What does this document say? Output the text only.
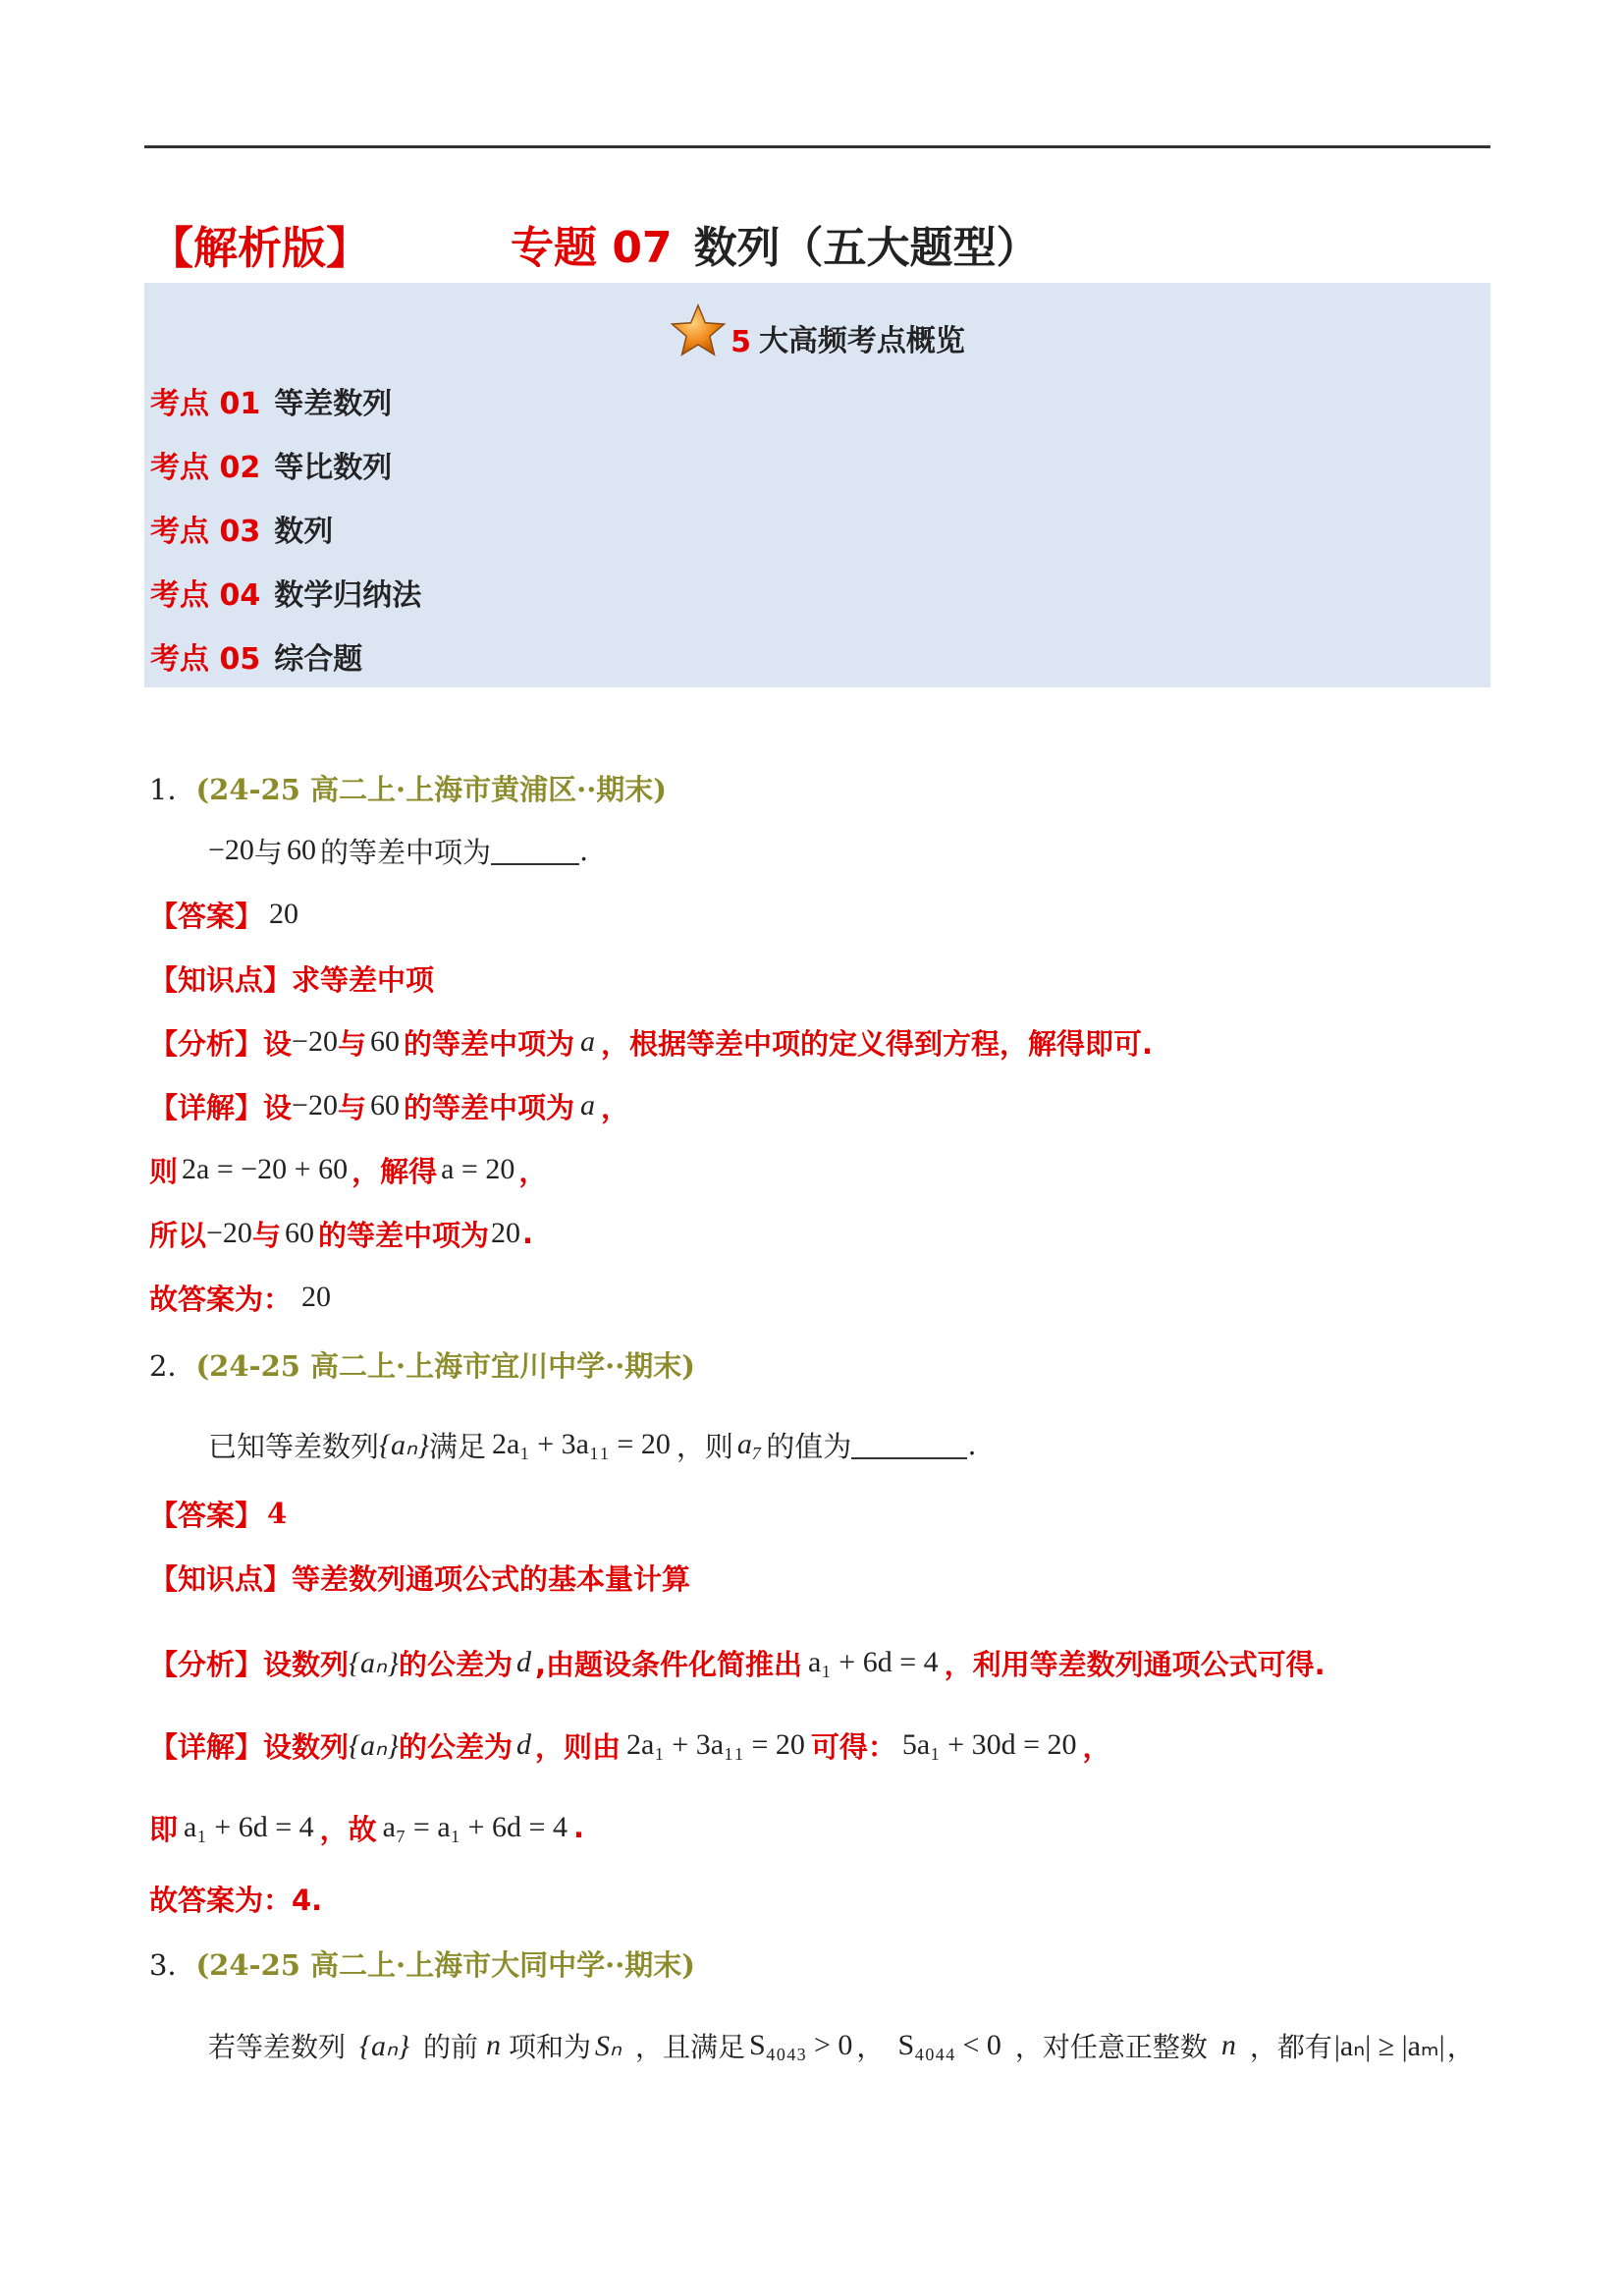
【解析版】	专题 07 数列（五大题型）
5 大高频考点概览
考点 01 等差数列
考点 02 等比数列
考点 03 数列
考点 04 数学归纳法
考点 05 综合题
1． (24-25 高二上·上海市黄浦区··期末)
−20 与 60 的等差中项为	.
【答案】 20
【知识点】 求等差中项
【分析】 设 −20 与 60 的等差中项为 a ，根据等差中项的定义得到方程，解得即可.
【详解】 设 −20 与 60 的等差中项为 a ，
则 2a = −20 + 60 ，解得 a = 20 ，
所以 −20 与 60 的等差中项为 20 .
故答案为： 20
2． (24-25 高二上·上海市宜川中学··期末)
已知等差数列 {aₙ} 满足 2a₁ + 3a₁₁ = 20 ，则 a₇ 的值为	.
【答案】 4
【知识点】 等差数列通项公式的基本量计算
【分析】 设数列 {aₙ} 的公差为 d ,由题设条件化简推出 a₁ + 6d = 4 ，利用等差数列通项公式可得.
【详解】 设数列 {aₙ} 的公差为 d ，则由 2a₁ + 3a₁₁ = 20 可得： 5a₁ + 30d = 20 ，
即 a₁ + 6d = 4 ，故 a₇ = a₁ + 6d = 4 .
故答案为：4.
3． (24-25 高二上·上海市大同中学··期末)
若等差数列 {aₙ} 的前 n 项和为 Sₙ ，且满足 S₄₀₄₃ > 0 ， S₄₀₄₄ < 0 ，对任意正整数 n ，都有 |aₙ| ≥ |aₘ| ，
